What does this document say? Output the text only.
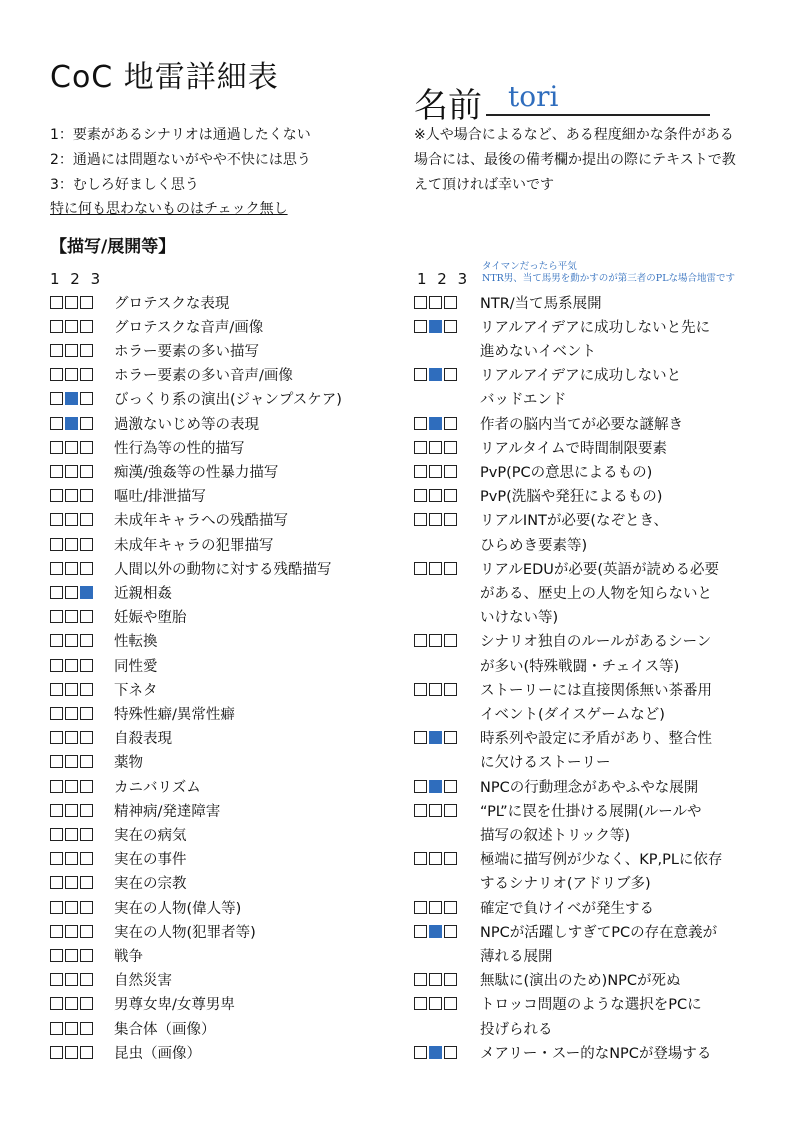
CoC 地雷詳細表
名前 tori
1：要素があるシナリオは通過したくない
2：通過には問題ないがやや不快には思う
3：むしろ好ましく思う
特に何も思わないものはチェック無し
※人や場合によるなど、ある程度細かな条件がある
場合には、最後の備考欄か提出の際にテキストで教
えて頂ければ幸いです
【描写/展開等】
1 2 3	1 2 3
タイマンだったら平気
NTR男、当て馬男を動かすのが第三者のPLな場合地雷です
グロテスクな表現
グロテスクな音声/画像
ホラー要素の多い描写
ホラー要素の多い音声/画像
びっくり系の演出(ジャンプスケア)
過激ないじめ等の表現
性行為等の性的描写
痴漢/強姦等の性暴力描写
嘔吐/排泄描写
未成年キャラへの残酷描写
未成年キャラの犯罪描写
人間以外の動物に対する残酷描写
近親相姦
妊娠や堕胎
性転換
同性愛
下ネタ
特殊性癖/異常性癖
自殺表現
薬物
カニバリズム
精神病/発達障害
実在の病気
実在の事件
実在の宗教
実在の人物(偉人等)
実在の人物(犯罪者等)
戦争
自然災害
男尊女卑/女尊男卑
集合体（画像）
昆虫（画像）
NTR/当て馬系展開
リアルアイデアに成功しないと先に
進めないイベント
リアルアイデアに成功しないと
バッドエンド
作者の脳内当てが必要な謎解き
リアルタイムで時間制限要素
PvP(PCの意思によるもの)
PvP(洗脳や発狂によるもの)
リアルINTが必要(なぞとき、
ひらめき要素等)
リアルEDUが必要(英語が読める必要
がある、歴史上の人物を知らないと
いけない等)
シナリオ独自のルールがあるシーン
が多い(特殊戦闘・チェイス等)
ストーリーには直接関係無い茶番用
イベント(ダイスゲームなど)
時系列や設定に矛盾があり、整合性
に欠けるストーリー
NPCの行動理念があやふやな展開
“PL”に罠を仕掛ける展開(ルールや
描写の叙述トリック等)
極端に描写例が少なく、KP,PLに依存
するシナリオ(アドリブ多)
確定で負けイベが発生する
NPCが活躍しすぎてPCの存在意義が
薄れる展開
無駄に(演出のため)NPCが死ぬ
トロッコ問題のような選択をPCに
投げられる
メアリー・スー的なNPCが登場する
